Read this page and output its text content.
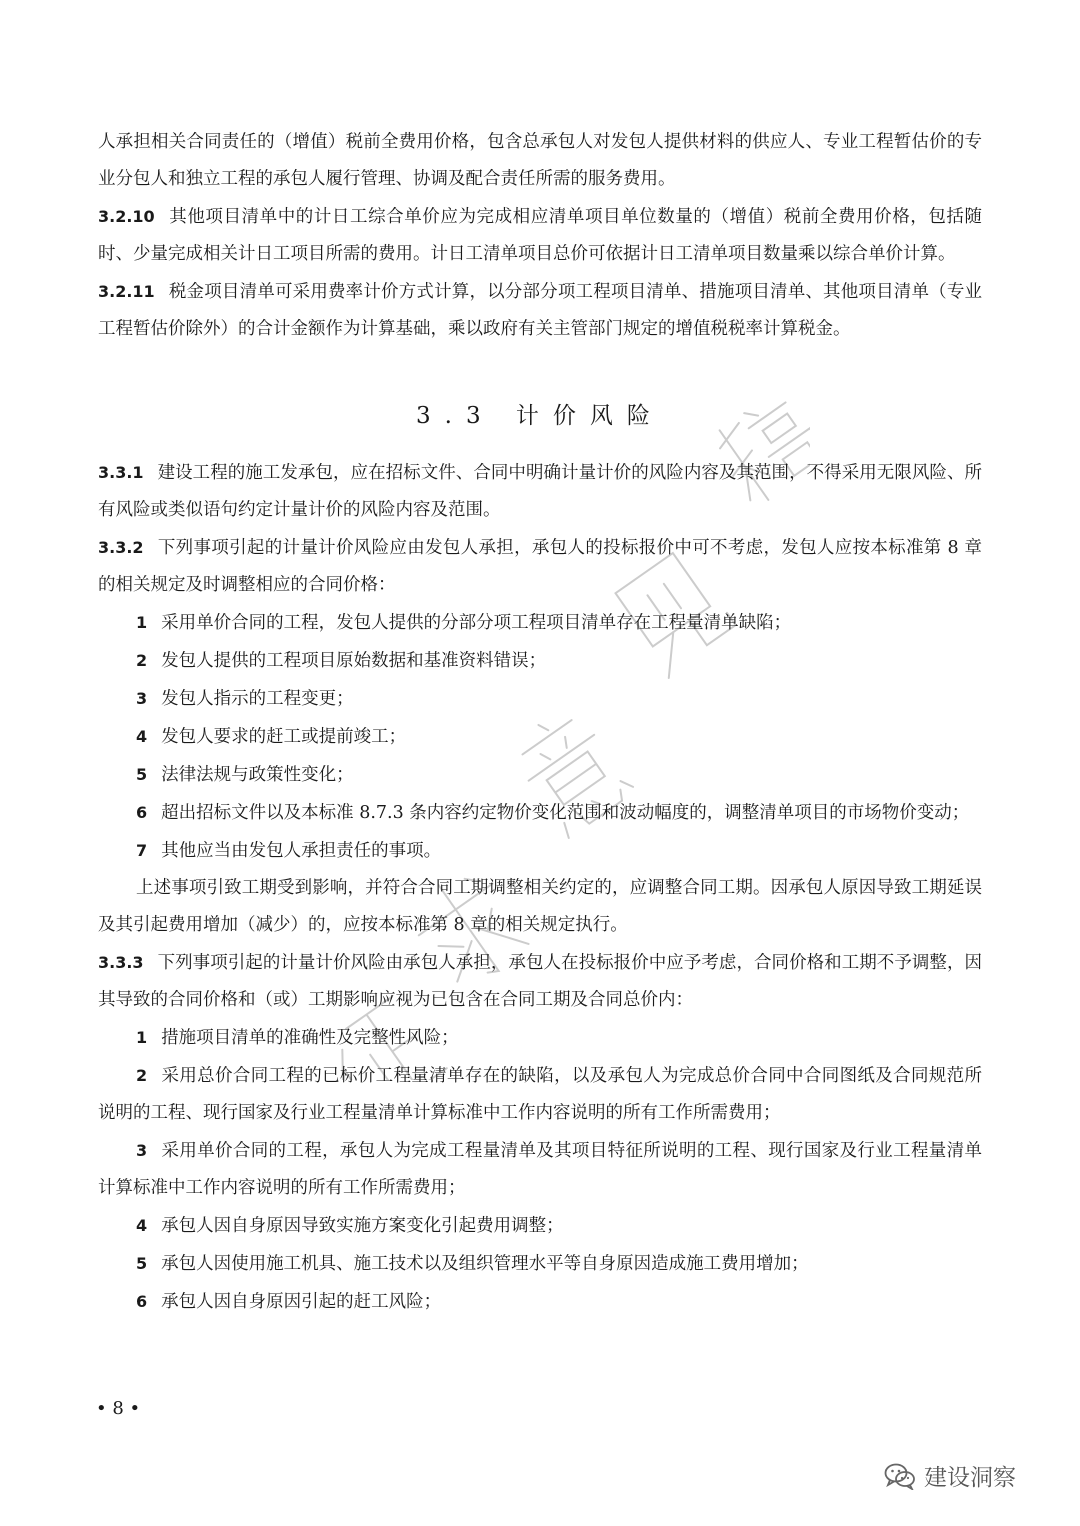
人承担相关合同责任的（增值）税前全费用价格，包含总承包人对发包人提供材料的供应人、专业工程暂估价的专业分包人和独立工程的承包人履行管理、协调及配合责任所需的服务费用。

3.2.10 其他项目清单中的计日工综合单价应为完成相应清单项目单位数量的（增值）税前全费用价格，包括随时、少量完成相关计日工项目所需的费用。计日工清单项目总价可依据计日工清单项目数量乘以综合单价计算。

3.2.11 税金项目清单可采用费率计价方式计算，以分部分项工程项目清单、措施项目清单、其他项目清单（专业工程暂估价除外）的合计金额作为计算基础，乘以政府有关主管部门规定的增值税税率计算税金。

3.3 计价风险

3.3.1 建设工程的施工发承包，应在招标文件、合同中明确计量计价的风险内容及其范围，不得采用无限风险、所有风险或类似语句约定计量计价的风险内容及范围。

3.3.2 下列事项引起的计量计价风险应由发包人承担，承包人的投标报价中可不考虑，发包人应按本标准第 8 章的相关规定及时调整相应的合同价格：

1 采用单价合同的工程，发包人提供的分部分项工程项目清单存在工程量清单缺陷；

2 发包人提供的工程项目原始数据和基准资料错误；

3 发包人指示的工程变更；

4 发包人要求的赶工或提前竣工；

5 法律法规与政策性变化；

6 超出招标文件以及本标准 8.7.3 条内容约定物价变化范围和波动幅度的，调整清单项目的市场物价变动；

7 其他应当由发包人承担责任的事项。

上述事项引致工期受到影响，并符合合同工期调整相关约定的，应调整合同工期。因承包人原因导致工期延误及其引起费用增加（减少）的，应按本标准第 8 章的相关规定执行。

3.3.3 下列事项引起的计量计价风险由承包人承担，承包人在投标报价中应予考虑，合同价格和工期不予调整，因其导致的合同价格和（或）工期影响应视为已包含在合同工期及合同总价内：

1 措施项目清单的准确性及完整性风险；

2 采用总价合同工程的已标价工程量清单存在的缺陷，以及承包人为完成总价合同中合同图纸及合同规范所说明的工程、现行国家及行业工程量清单计算标准中工作内容说明的所有工作所需费用；

3 采用单价合同的工程，承包人为完成工程量清单及其项目特征所说明的工程、现行国家及行业工程量清单计算标准中工作内容说明的所有工作所需费用；

4 承包人因自身原因导致实施方案变化引起费用调整；

5 承包人因使用施工机具、施工技术以及组织管理水平等自身原因造成施工费用增加；

6 承包人因自身原因引起的赶工风险；

• 8 •
建设洞察
